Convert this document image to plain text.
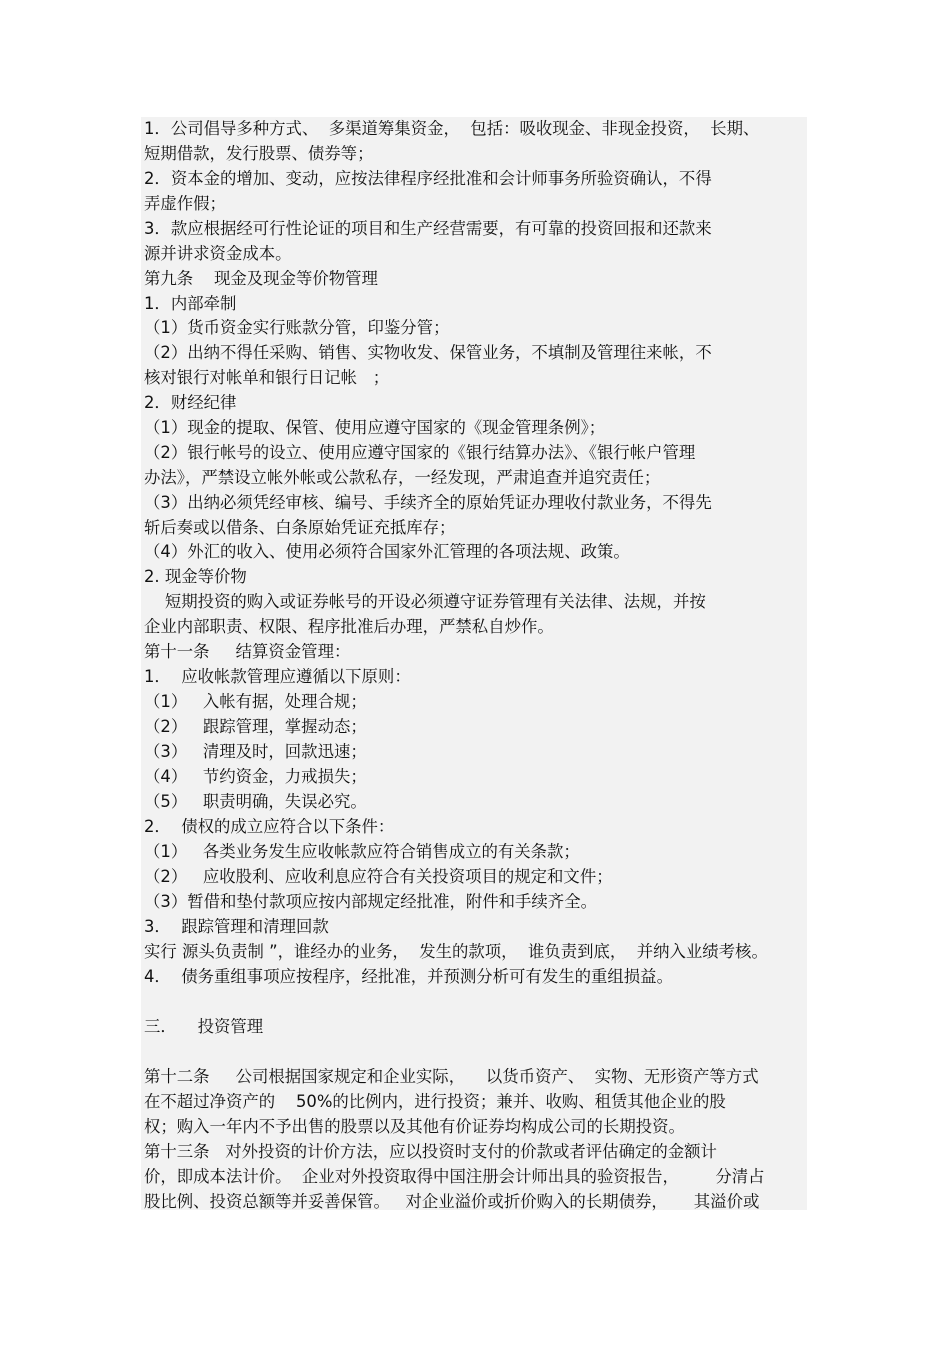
1．公司倡导多种方式、  多渠道筹集资金，  包括：吸收现金、非现金投资，  长期、
短期借款，发行股票、债券等；
2．资本金的增加、变动，应按法律程序经批准和会计师事务所验资确认，不得
弄虚作假；
3．款应根据经可行性论证的项目和生产经营需要，有可靠的投资回报和还款来
源并讲求资金成本。
第九条    现金及现金等价物管理
1．内部牵制
（1）货币资金实行账款分管，印鉴分管；
（2）出纳不得任采购、销售、实物收发、保管业务，不填制及管理往来帐，不
核对银行对帐单和银行日记帐   ；
2．财经纪律
（1）现金的提取、保管、使用应遵守国家的《现金管理条例》；
（2）银行帐号的设立、使用应遵守国家的《银行结算办法》、《银行帐户管理
办法》，严禁设立帐外帐或公款私存，一经发现，严肃追查并追究责任；
（3）出纳必须凭经审核、编号、手续齐全的原始凭证办理收付款业务，不得先
斩后奏或以借条、白条原始凭证充抵库存；
（4）外汇的收入、使用必须符合国家外汇管理的各项法规、政策。
2. 现金等价物
短期投资的购入或证券帐号的开设必须遵守证券管理有关法律、法规，并按
企业内部职责、权限、程序批准后办理，严禁私自炒作。
第十一条     结算资金管理：
1．  应收帐款管理应遵循以下原则：
（1）   入帐有据，处理合规；
（2）   跟踪管理，掌握动态；
（3）   清理及时，回款迅速；
（4）   节约资金，力戒损失；
（5）   职责明确，失误必究。
2．  债权的成立应符合以下条件：
（1）   各类业务发生应收帐款应符合销售成立的有关条款；
（2）   应收股利、应收利息应符合有关投资项目的规定和文件；
（3）暂借和垫付款项应按内部规定经批准，附件和手续齐全。
3．  跟踪管理和清理回款
实行 源头负责制 ”，谁经办的业务，  发生的款项，  谁负责到底，  并纳入业绩考核。
4．  债务重组事项应按程序，经批准，并预测分析可有发生的重组损益。
三．    投资管理
第十二条     公司根据国家规定和企业实际，    以货币资产、  实物、无形资产等方式
在不超过净资产的    50%的比例内，进行投资；兼并、收购、租赁其他企业的股
权；购入一年内不予出售的股票以及其他有价证券均构成公司的长期投资。
第十三条   对外投资的计价方法，应以投资时支付的价款或者评估确定的金额计
价，即成本法计价。  企业对外投资取得中国注册会计师出具的验资报告，       分清占
股比例、投资总额等并妥善保管。   对企业溢价或折价购入的长期债券，     其溢价或
